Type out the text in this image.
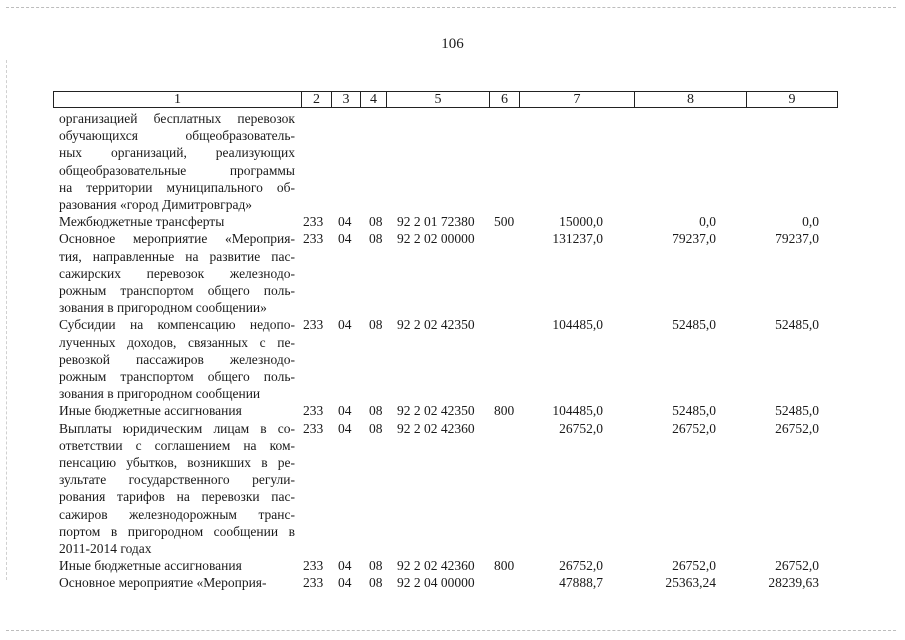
106
1	2	3	4	5	6	7	8	9
организацией бесплатных перевозок
обучающихся общеобразователь-
ных организаций, реализующих
общеобразовательные программы
на территории муниципального об-
разования «город Димитровград»
Межбюджетные трансферты	233 04 08 92 2 01 72380 500	15000,0	0,0	0,0
Основное мероприятие «Мероприя-
тия, направленные на развитие пас-
сажирских перевозок железнодо-
рожным транспортом общего поль-
зования в пригородном сообщении»
233 04 08 92 2 02 00000	131237,0	79237,0	79237,0
Субсидии на компенсацию недопо-
лученных доходов, связанных с пе-
ревозкой пассажиров железнодо-
рожным транспортом общего поль-
зования в пригородном сообщении
233 04 08 92 2 02 42350	104485,0	52485,0	52485,0
Иные бюджетные ассигнования	233 04 08 92 2 02 42350 800	104485,0	52485,0	52485,0
Выплаты юридическим лицам в со-
ответствии с соглашением на ком-
пенсацию убытков, возникших в ре-
зультате государственного регули-
рования тарифов на перевозки пас-
сажиров железнодорожным транс-
портом в пригородном сообщении в
2011-2014 годах
233 04 08 92 2 02 42360	26752,0	26752,0	26752,0
Иные бюджетные ассигнования	233 04 08 92 2 02 42360 800	26752,0	26752,0	26752,0
Основное мероприятие «Мероприя-	233 04 08 92 2 04 00000	47888,7	25363,24	28239,63
